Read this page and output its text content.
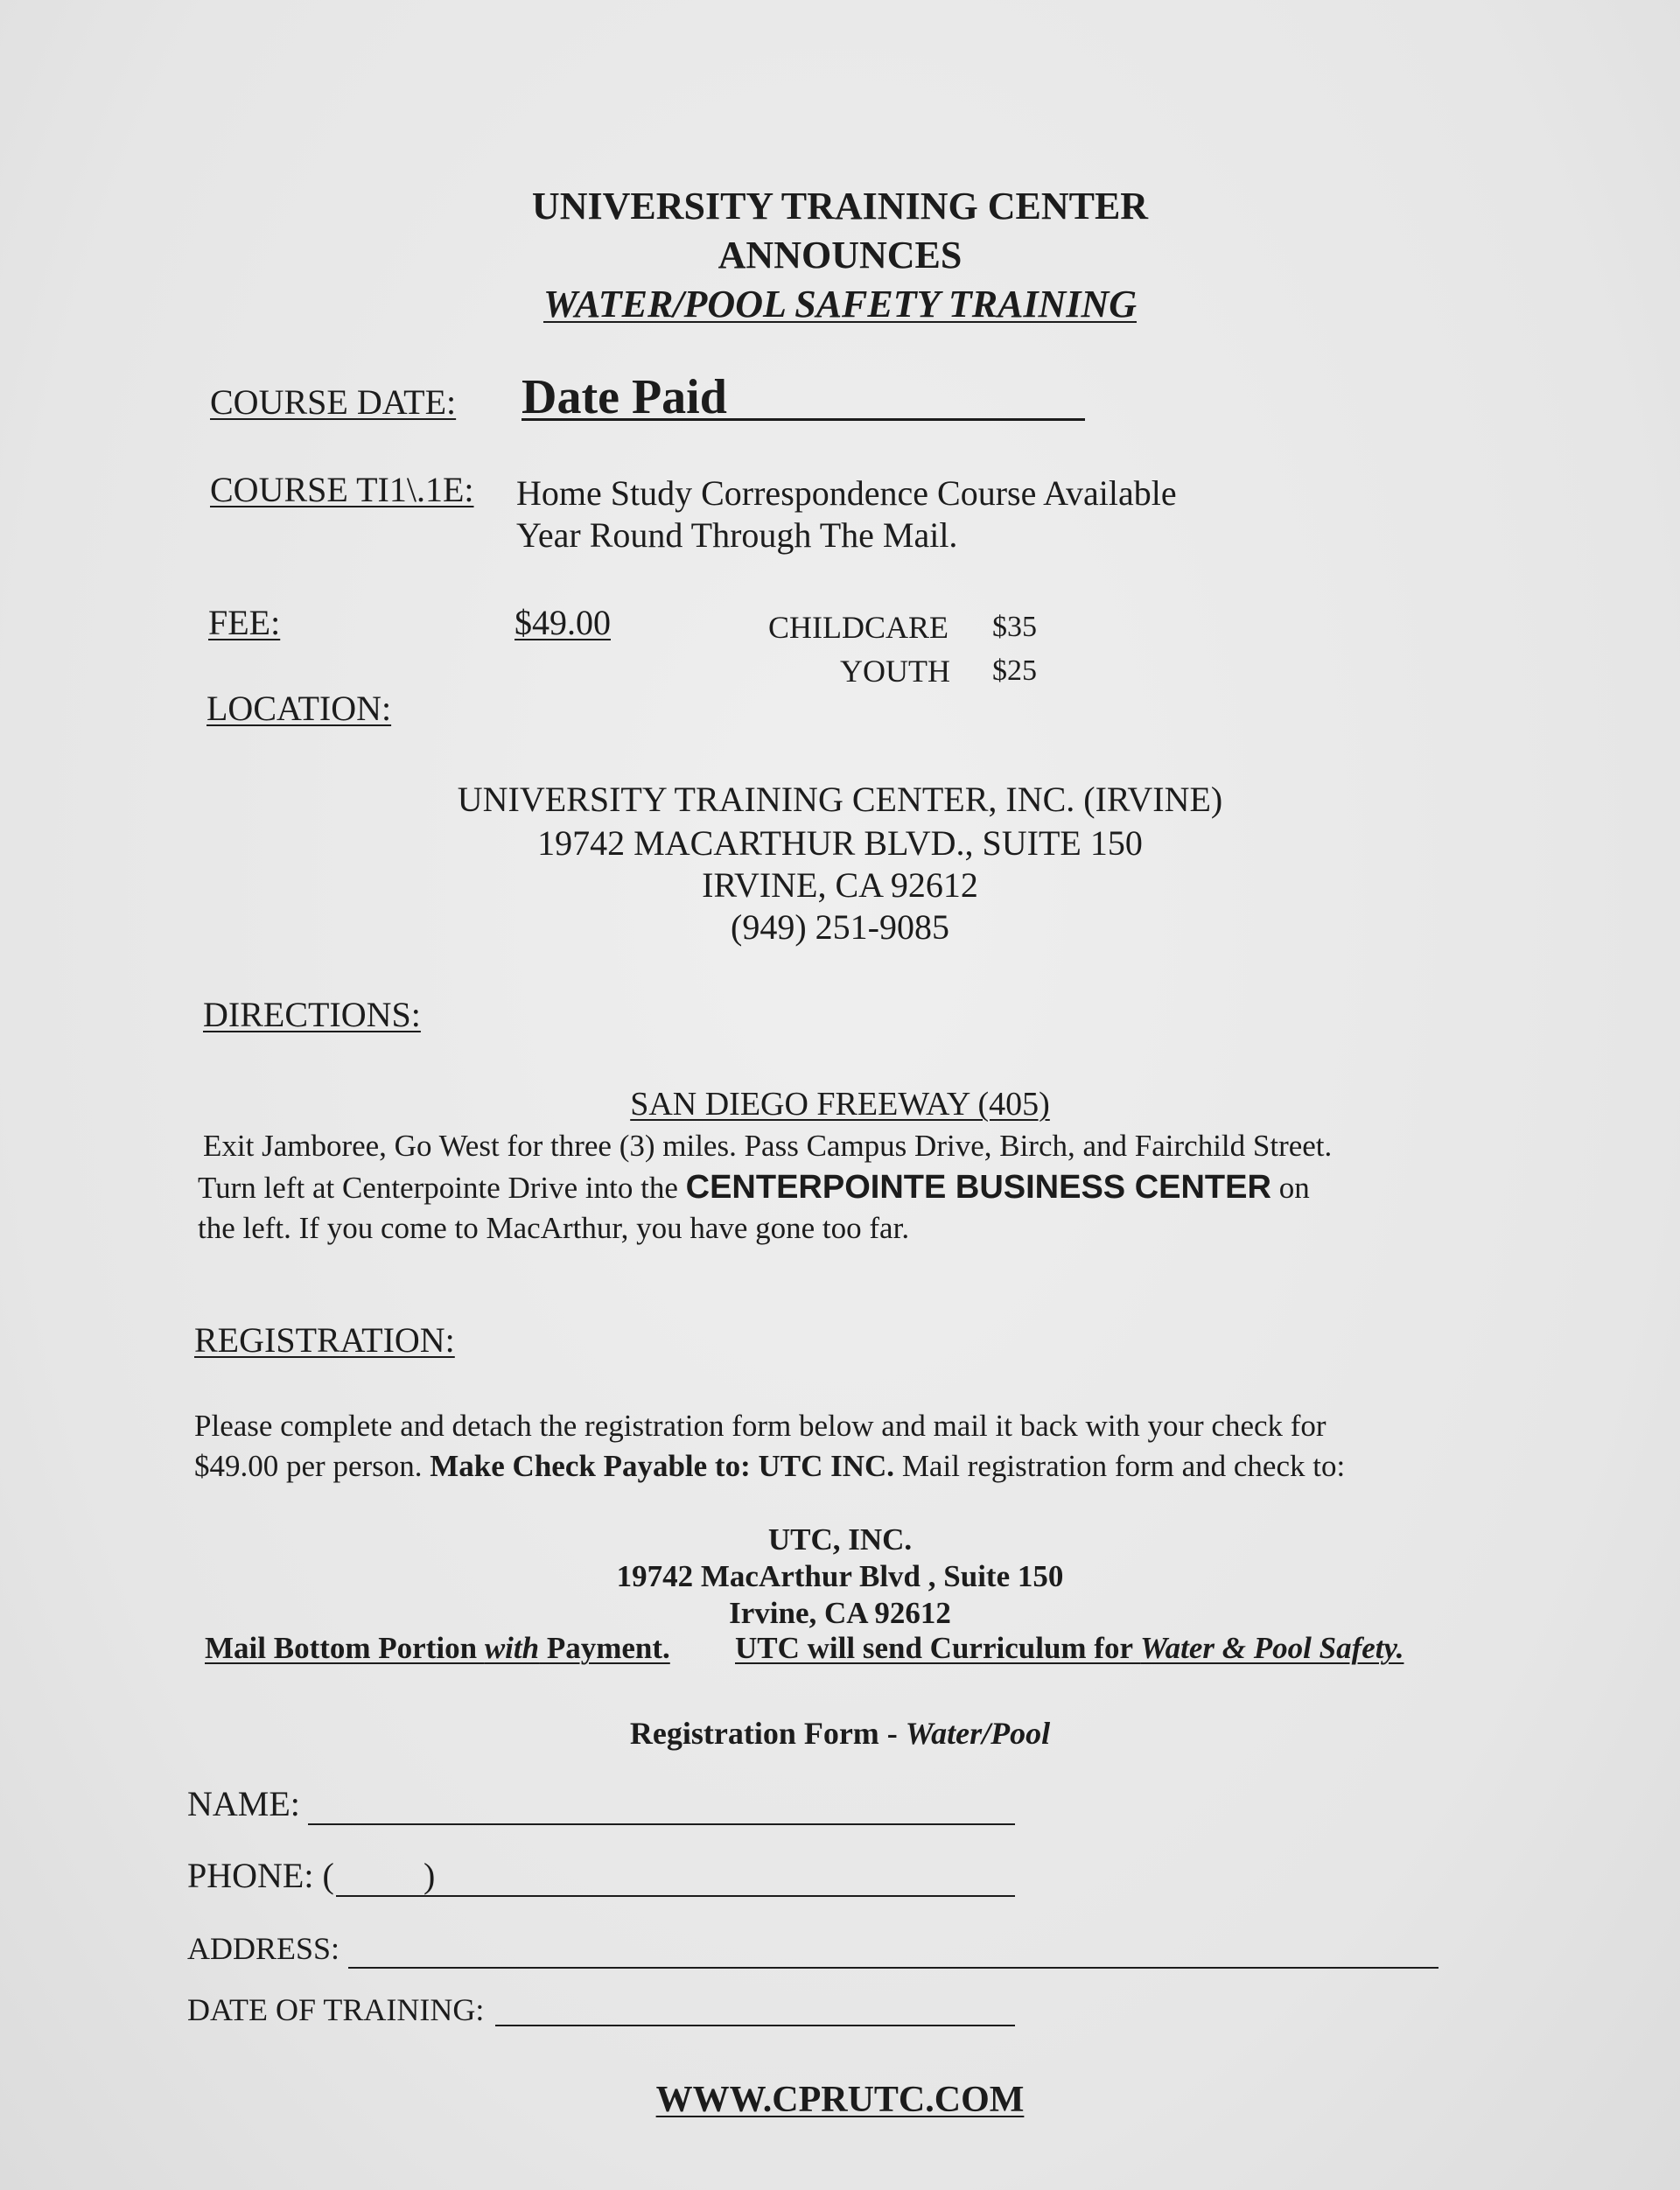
UNIVERSITY TRAINING CENTER
ANNOUNCES
WATER/POOL SAFETY TRAINING
COURSE DATE: Date Paid
COURSE TI1\.1E: Home Study Correspondence Course Available
Year Round Through The Mail.
FEE:	$49.00	CHILDCARE $35
YOUTH $25
LOCATION:
UNIVERSITY TRAINING CENTER, INC. (IRVINE)
19742 MACARTHUR BLVD., SUITE 150
IRVINE, CA 92612
(949) 251-9085
DIRECTIONS:
SAN DIEGO FREEWAY (405)
Exit Jamboree, Go West for three (3) miles. Pass Campus Drive, Birch, and Fairchild Street.
Turn left at Centerpointe Drive into the CENTERPOINTE BUSINESS CENTER on
the left. If you come to MacArthur, you have gone too far.
REGISTRATION:
Please complete and detach the registration form below and mail it back with your check for
$49.00 per person. Make Check Payable to: UTC INC. Mail registration form and check to:
UTC, INC.
19742 MacArthur Blvd , Suite 150
Irvine, CA 92612
Mail Bottom Portion with Payment. UTC will send Curriculum for Water & Pool Safety.
Registration Form - Water/Pool
NAME:
PHONE: (	)
ADDRESS:
DATE OF TRAINING:
WWW.CPRUTC.COM
